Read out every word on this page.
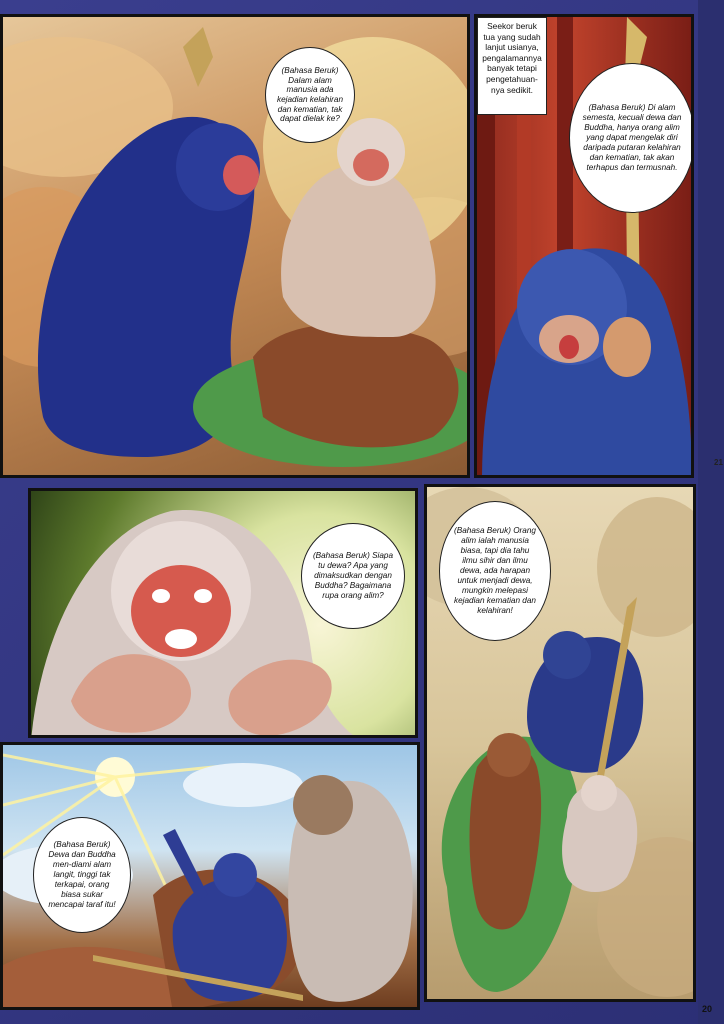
(Bahasa Beruk) Dalam alam manusia ada kejadian kelahiran dan kematian, tak dapat dielak ke?
Seekor beruk tua yang sudah lanjut usianya, pengalamannya banyak tetapi pengetahuan-nya sedikit.
(Bahasa Beruk) Di alam semesta, kecuali dewa dan Buddha, hanya orang alim yang dapat mengelak diri daripada putaran kelahiran dan kematian, tak akan terhapus dan termusnah.
21
(Bahasa Beruk) Siapa tu dewa? Apa yang dimaksudkan dengan Buddha? Bagaimana rupa orang alim?
(Bahasa Beruk) Orang alim ialah manusia biasa, tapi dia tahu ilmu sihir dan ilmu dewa, ada harapan untuk menjadi dewa, mungkin melepasi kejadian kematian dan kelahiran!
20
(Bahasa Beruk) Dewa dan Buddha men-diami alam langit, tinggi tak terkapai, orang biasa sukar mencapai taraf itu!
